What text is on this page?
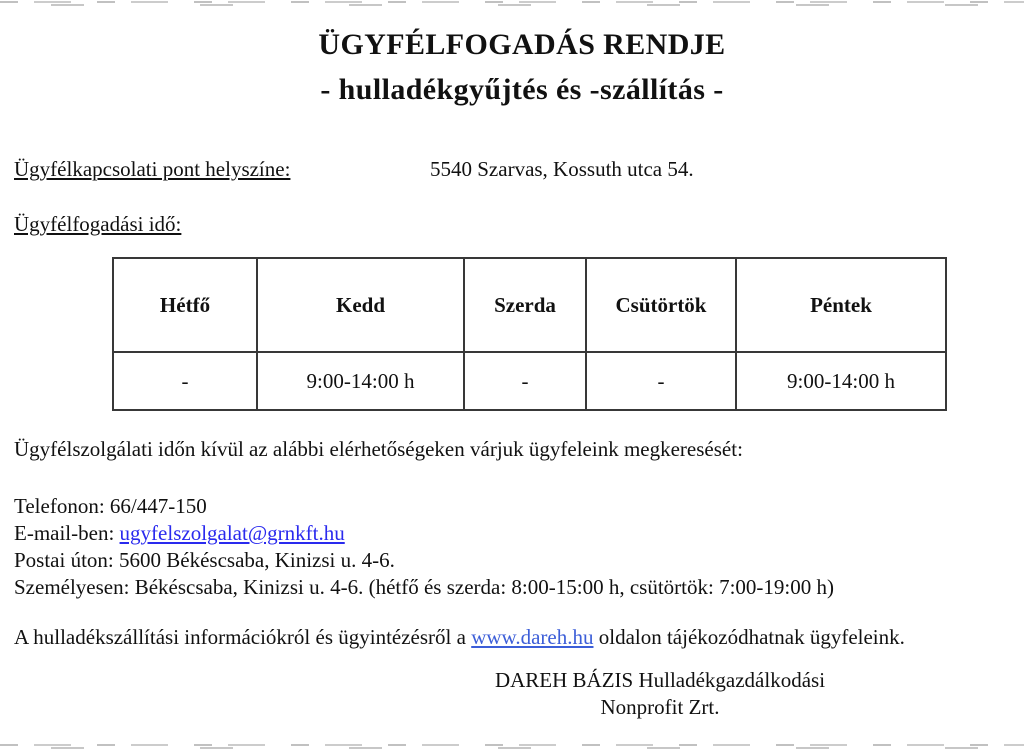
ÜGYFÉLFOGADÁS RENDJE
- hulladékgyűjtés és -szállítás -
Ügyfélkapcsolati pont helyszíne:	5540 Szarvas, Kossuth utca 54.
Ügyfélfogadási idő:
Hétfő	Kedd	Szerda	Csütörtök	Péntek
-	9:00-14:00 h	-	-	9:00-14:00 h
Ügyfélszolgálati időn kívül az alábbi elérhetőségeken várjuk ügyfeleink megkeresését:
Telefonon: 66/447-150
E-mail-ben: ugyfelszolgalat@grnkft.hu
Postai úton: 5600 Békéscsaba, Kinizsi u. 4-6.
Személyesen: Békéscsaba, Kinizsi u. 4-6. (hétfő és szerda: 8:00-15:00 h, csütörtök: 7:00-19:00 h)
A hulladékszállítási információkról és ügyintézésről a www.dareh.hu oldalon tájékozódhatnak ügyfeleink.
DAREH BÁZIS Hulladékgazdálkodási
Nonprofit Zrt.
